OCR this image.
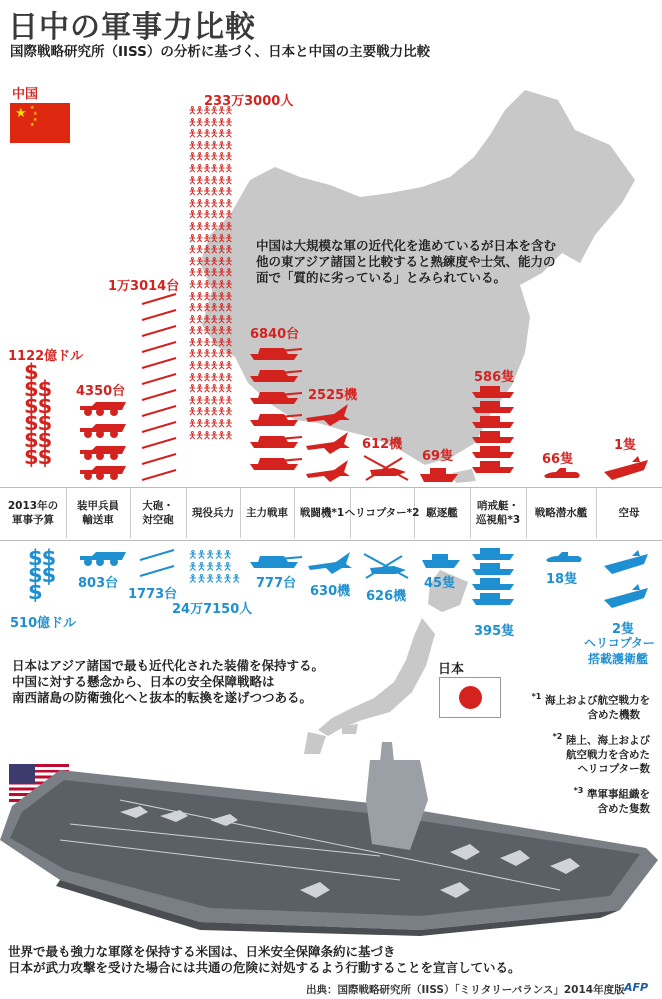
日中の軍事力比較
国際戦略研究所（IISS）の分析に基づく、日本と中国の主要戦力比較
中国
★ ★
★
★
★
中国は大規模な軍の近代化を進めているが日本を含む他の東アジア諸国と比較すると熟練度や士気、能力の面で「質的に劣っている」とみられている。
1122億ドル
4350台
1万3014台
233万3000人
6840台
2525機
612機
69隻
586隻
66隻
1隻
$
$$
$$
$$
$$
$$
🯅🯅🯅🯅🯅🯅🯅🯅🯅🯅🯅🯅🯅🯅🯅🯅🯅🯅🯅🯅🯅🯅🯅🯅🯅🯅🯅🯅🯅🯅🯅🯅🯅🯅🯅🯅🯅🯅🯅🯅🯅🯅🯅🯅🯅🯅🯅🯅🯅🯅🯅🯅🯅🯅🯅🯅🯅🯅🯅🯅🯅🯅🯅🯅🯅🯅🯅🯅🯅🯅🯅🯅🯅🯅🯅🯅🯅🯅🯅🯅🯅🯅🯅🯅🯅🯅🯅🯅🯅🯅🯅🯅🯅🯅🯅🯅🯅🯅🯅🯅🯅🯅🯅🯅🯅🯅🯅🯅🯅🯅🯅🯅🯅🯅🯅🯅🯅🯅🯅🯅🯅🯅🯅🯅🯅🯅🯅🯅🯅🯅🯅🯅🯅🯅🯅🯅🯅🯅🯅🯅🯅🯅🯅🯅🯅🯅🯅🯅🯅🯅🯅🯅🯅🯅🯅🯅🯅🯅🯅🯅🯅🯅🯅🯅🯅🯅🯅🯅🯅🯅🯅🯅🯅🯅
2013年の
軍事予算
装甲兵員
輸送車
大砲・
対空砲
現役兵力 主力戦車 戦闘機*1 ヘリコプター*2 駆逐艦
哨戒艇・
巡視船*3
戦略潜水艦	空母
$$
$$
$
510億ドル
803台
1773台
🯅🯅🯅🯅🯅🯅🯅🯅🯅🯅🯅🯅🯅🯅🯅🯅
24万7150人
777台
630機 626機
45隻
395隻
18隻
2隻
ヘリコプター
搭載護衛艦
日本はアジア諸国で最も近代化された装備を保持する。
中国に対する懸念から、日本の安全保障戦略は
南西諸島の防衛強化へと抜本的転換を遂げつつある。
日本
$^{*1}$ 海上および航空戦力を
含めた機数
$^{*2}$ 陸上、海上および
航空戦力を含めた
ヘリコプター数
$^{*3}$ 準軍事組織を
含めた隻数
世界で最も強力な軍隊を保持する米国は、日米安全保障条約に基づき
日本が武力攻撃を受けた場合には共通の危険に対処するよう行動することを宣言している。
出典：国際戦略研究所（IISS）「ミリタリーバランス」2014年度版 AFP
